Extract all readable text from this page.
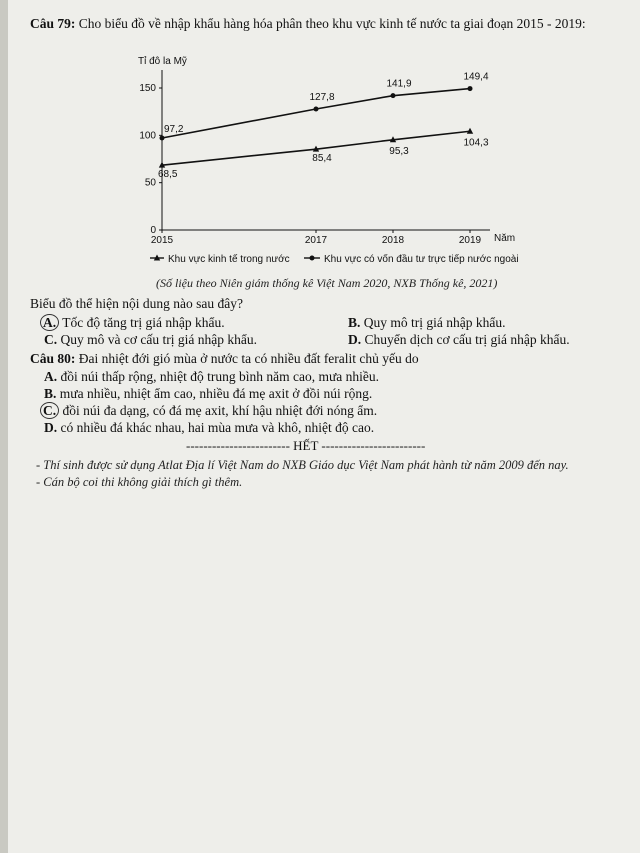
Câu 79: Cho biểu đồ về nhập khẩu hàng hóa phân theo khu vực kinh tế nước ta giai đoạn 2015 - 2019:
Tỉ đô la Mỹ
Năm
0
50
100
150
2015	2017	2018	2019
68,5
85,4
95,3
104,3
97,2
127,8
141,9
149,4
Khu vực kinh tế trong nước	Khu vực có vốn đầu tư trực tiếp nước ngoài
(Số liệu theo Niên giám thống kê Việt Nam 2020, NXB Thống kê, 2021)
Biểu đồ thể hiện nội dung nào sau đây?
A. Tốc độ tăng trị giá nhập khẩu.	B. Quy mô trị giá nhập khẩu.
C. Quy mô và cơ cấu trị giá nhập khẩu.	D. Chuyển dịch cơ cấu trị giá nhập khẩu.
Câu 80: Đai nhiệt đới gió mùa ở nước ta có nhiều đất feralit chủ yếu do
A. đồi núi thấp rộng, nhiệt độ trung bình năm cao, mưa nhiều.
B. mưa nhiều, nhiệt ẩm cao, nhiều đá mẹ axit ở đồi núi rộng.
C. đồi núi đa dạng, có đá mẹ axit, khí hậu nhiệt đới nóng ẩm.
D. có nhiều đá khác nhau, hai mùa mưa và khô, nhiệt độ cao.
------------------------ HẾT ------------------------
- Thí sinh được sử dụng Atlat Địa lí Việt Nam do NXB Giáo dục Việt Nam phát hành từ năm 2009 đến nay.
- Cán bộ coi thi không giải thích gì thêm.
